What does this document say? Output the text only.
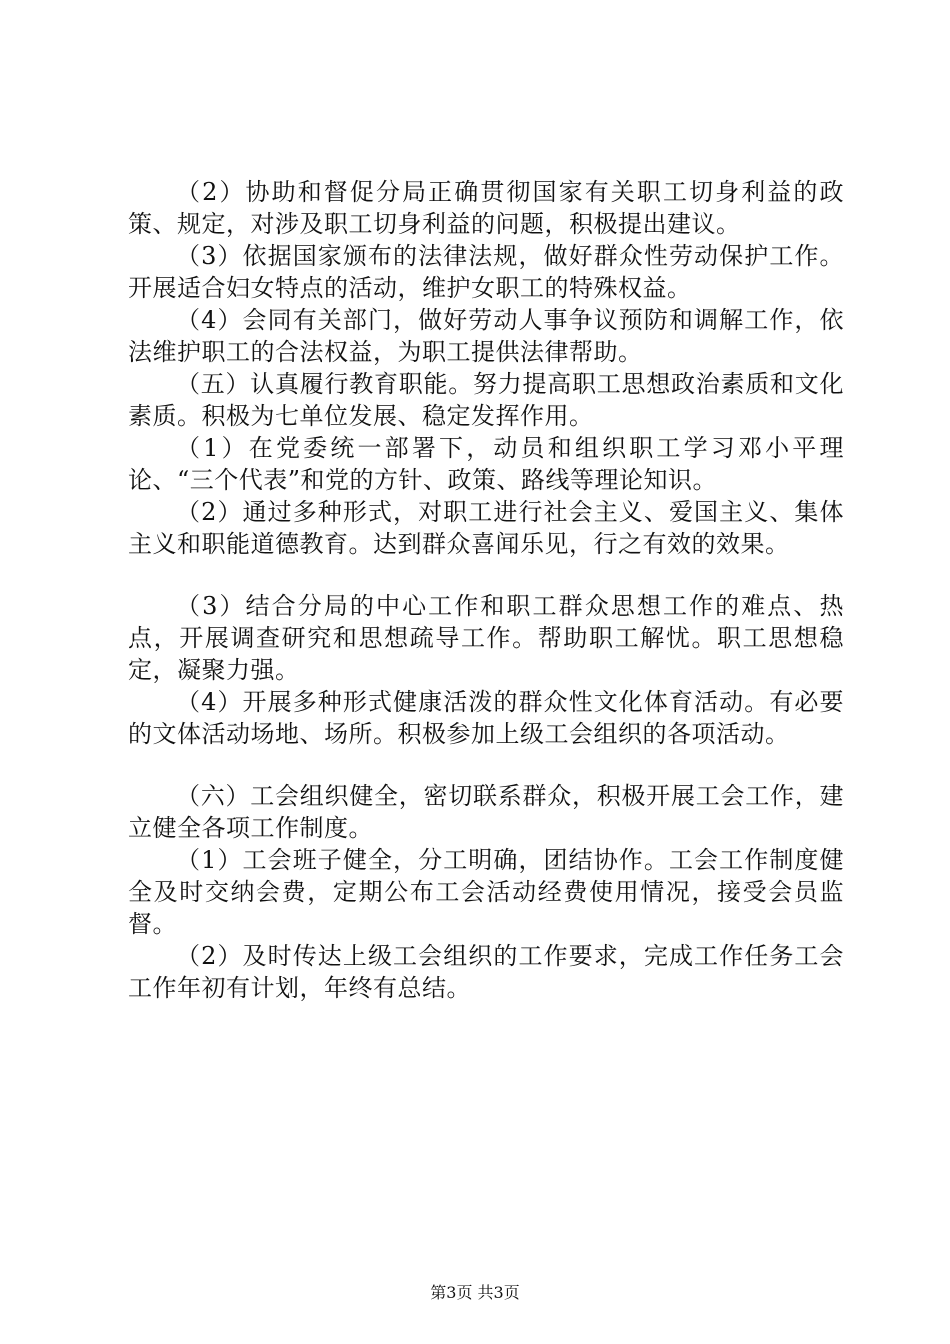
（2）协助和督促分局正确贯彻国家有关职工切身利益的政策、规定，对涉及职工切身利益的问题，积极提出建议。

（3）依据国家颁布的法律法规，做好群众性劳动保护工作。开展适合妇女特点的活动，维护女职工的特殊权益。

（4）会同有关部门，做好劳动人事争议预防和调解工作，依法维护职工的合法权益，为职工提供法律帮助。

（五）认真履行教育职能。努力提高职工思想政治素质和文化素质。积极为七单位发展、稳定发挥作用。

（1）在党委统一部署下，动员和组织职工学习邓小平理论、“三个代表”和党的方针、政策、路线等理论知识。

（2）通过多种形式，对职工进行社会主义、爱国主义、集体主义和职能道德教育。达到群众喜闻乐见，行之有效的效果。

（3）结合分局的中心工作和职工群众思想工作的难点、热点，开展调查研究和思想疏导工作。帮助职工解忧。职工思想稳定，凝聚力强。

（4）开展多种形式健康活泼的群众性文化体育活动。有必要的文体活动场地、场所。积极参加上级工会组织的各项活动。

（六）工会组织健全，密切联系群众，积极开展工会工作，建立健全各项工作制度。

（1）工会班子健全，分工明确，团结协作。工会工作制度健全及时交纳会费，定期公布工会活动经费使用情况，接受会员监督。

（2）及时传达上级工会组织的工作要求，完成工作任务工会工作年初有计划，年终有总结。

第3页 共3页
